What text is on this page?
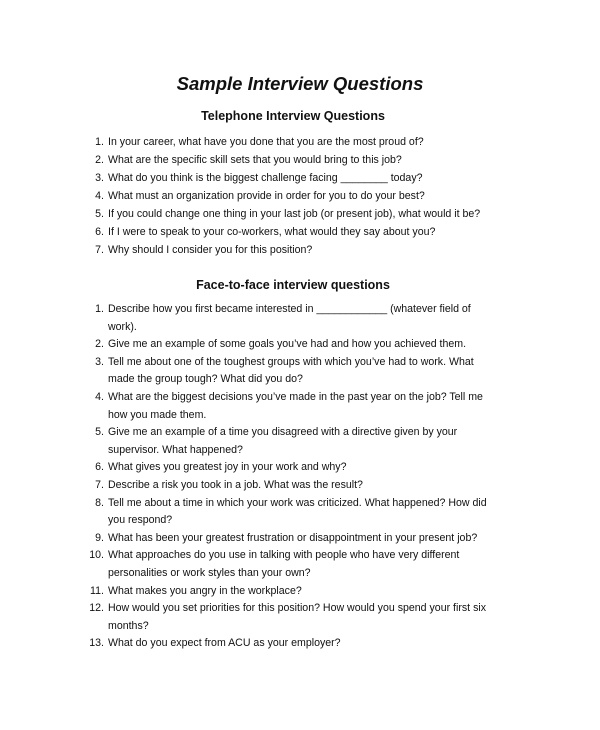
Sample Interview Questions
Telephone Interview Questions
1. In your career, what have you done that you are the most proud of?
2. What are the specific skill sets that you would bring to this job?
3. What do you think is the biggest challenge facing ________ today?
4. What must an organization provide in order for you to do your best?
5. If you could change one thing in your last job (or present job), what would it be?
6. If I were to speak to your co-workers, what would they say about you?
7. Why should I consider you for this position?
Face-to-face interview questions
1. Describe how you first became interested in ____________ (whatever field of work).
2. Give me an example of some goals you’ve had and how you achieved them.
3. Tell me about one of the toughest groups with which you’ve had to work. What made the group tough? What did you do?
4. What are the biggest decisions you’ve made in the past year on the job? Tell me how you made them.
5. Give me an example of a time you disagreed with a directive given by your supervisor. What happened?
6. What gives you greatest joy in your work and why?
7. Describe a risk you took in a job. What was the result?
8. Tell me about a time in which your work was criticized. What happened? How did you respond?
9. What has been your greatest frustration or disappointment in your present job?
10. What approaches do you use in talking with people who have very different personalities or work styles than your own?
11. What makes you angry in the workplace?
12. How would you set priorities for this position? How would you spend your first six months?
13. What do you expect from ACU as your employer?
